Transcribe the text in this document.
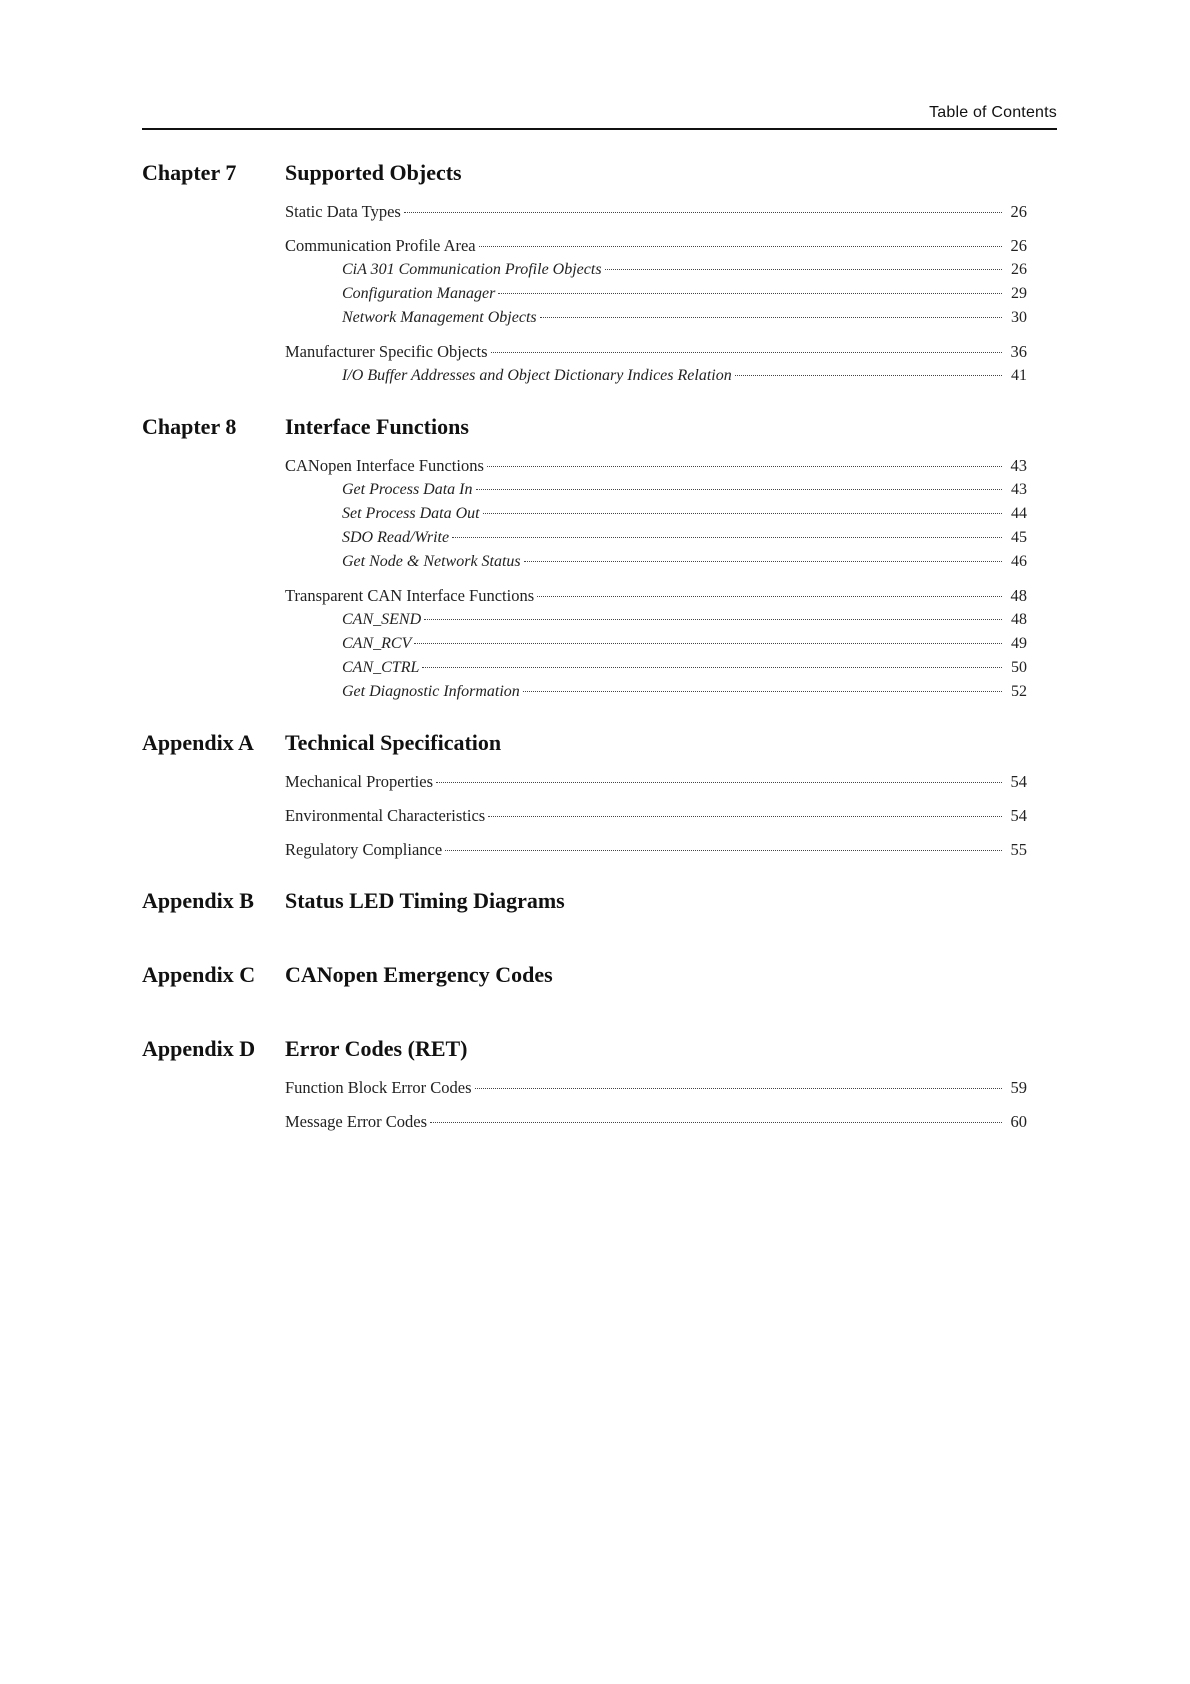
Table of Contents
Chapter 7	Supported Objects
Static Data Types	26
Communication Profile Area	26
CiA 301 Communication Profile Objects	26
Configuration Manager	29
Network Management Objects	30
Manufacturer Specific Objects	36
I/O Buffer Addresses and Object Dictionary Indices Relation	41
Chapter 8	Interface Functions
CANopen Interface Functions	43
Get Process Data In	43
Set Process Data Out	44
SDO Read/Write	45
Get Node & Network Status	46
Transparent CAN Interface Functions	48
CAN_SEND	48
CAN_RCV	49
CAN_CTRL	50
Get Diagnostic Information	52
Appendix A	Technical Specification
Mechanical Properties	54
Environmental Characteristics	54
Regulatory Compliance	55
Appendix B	Status LED Timing Diagrams
Appendix C	CANopen Emergency Codes
Appendix D	Error Codes (RET)
Function Block Error Codes	59
Message Error Codes	60
